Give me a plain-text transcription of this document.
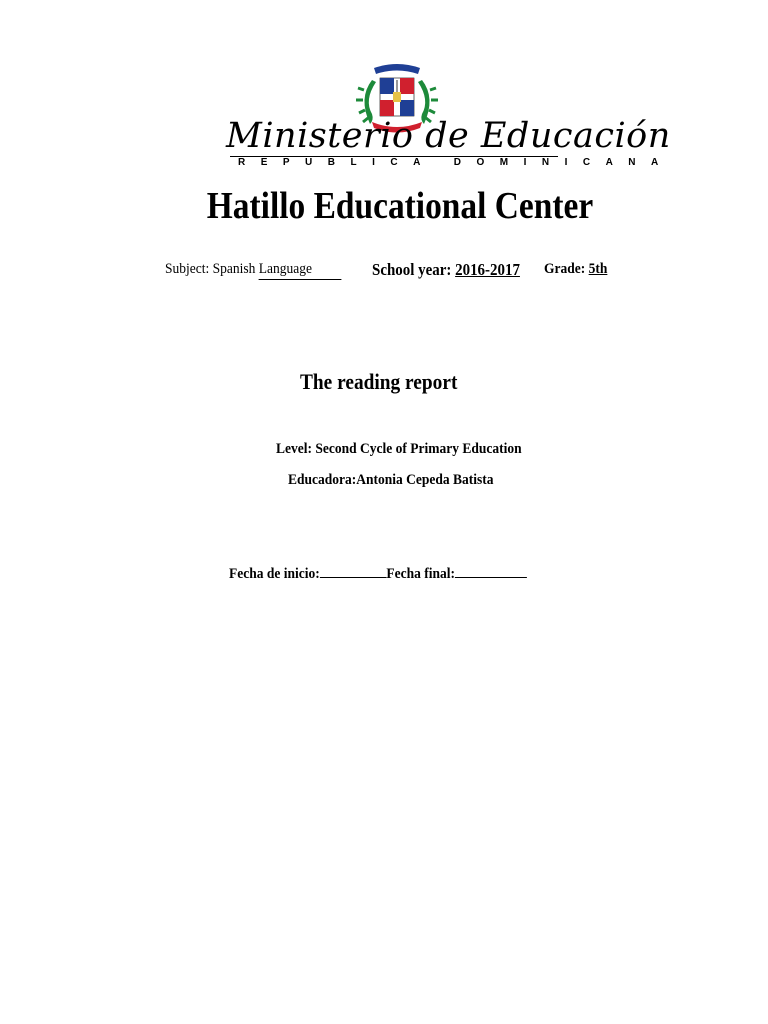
Ministerio de Educación
REPUBLICA DOMINICANA
Hatillo Educational Center
Subject: Spanish Language	School year: 2016-2017 Grade: 5th
The reading report
Level: Second Cycle of Primary Education
Educadora:Antonia Cepeda Batista
Fecha de inicio:	Fecha final:
